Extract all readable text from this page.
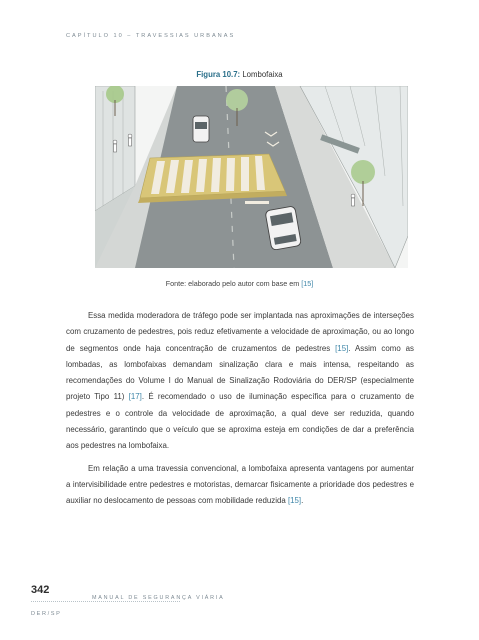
CAPÍTULO 10 – TRAVESSIAS URBANAS
Figura 10.7: Lombofaixa
Fonte: elaborado pelo autor com base em [15]

Essa medida moderadora de tráfego pode ser implantada nas aproximações de interseções com cruzamento de pedestres, pois reduz efetivamente a velocidade de aproximação, ou ao longo de segmentos onde haja concentração de cruzamentos de pedestres [15]. Assim como as lombadas, as lombofaixas demandam sinalização clara e mais intensa, respeitando as recomendações do Volume I do Manual de Sinalização Rodoviária do DER/SP (especialmente projeto Tipo 11) [17]. É recomendado o uso de iluminação específica para o cruzamento de pedestres e o controle da velocidade de aproximação, a qual deve ser reduzida, quando necessário, garantindo que o veículo que se aproxima esteja em condições de dar a preferência aos pedestres na lombofaixa.

Em relação a uma travessia convencional, a lombofaixa apresenta vantagens por aumentar a intervisibilidade entre pedestres e motoristas, demarcar fisicamente a prioridade dos pedestres e auxiliar no deslocamento de pessoas com mobilidade reduzida [15].

342
MANUAL DE SEGURANÇA VIÁRIA
DER/SP
